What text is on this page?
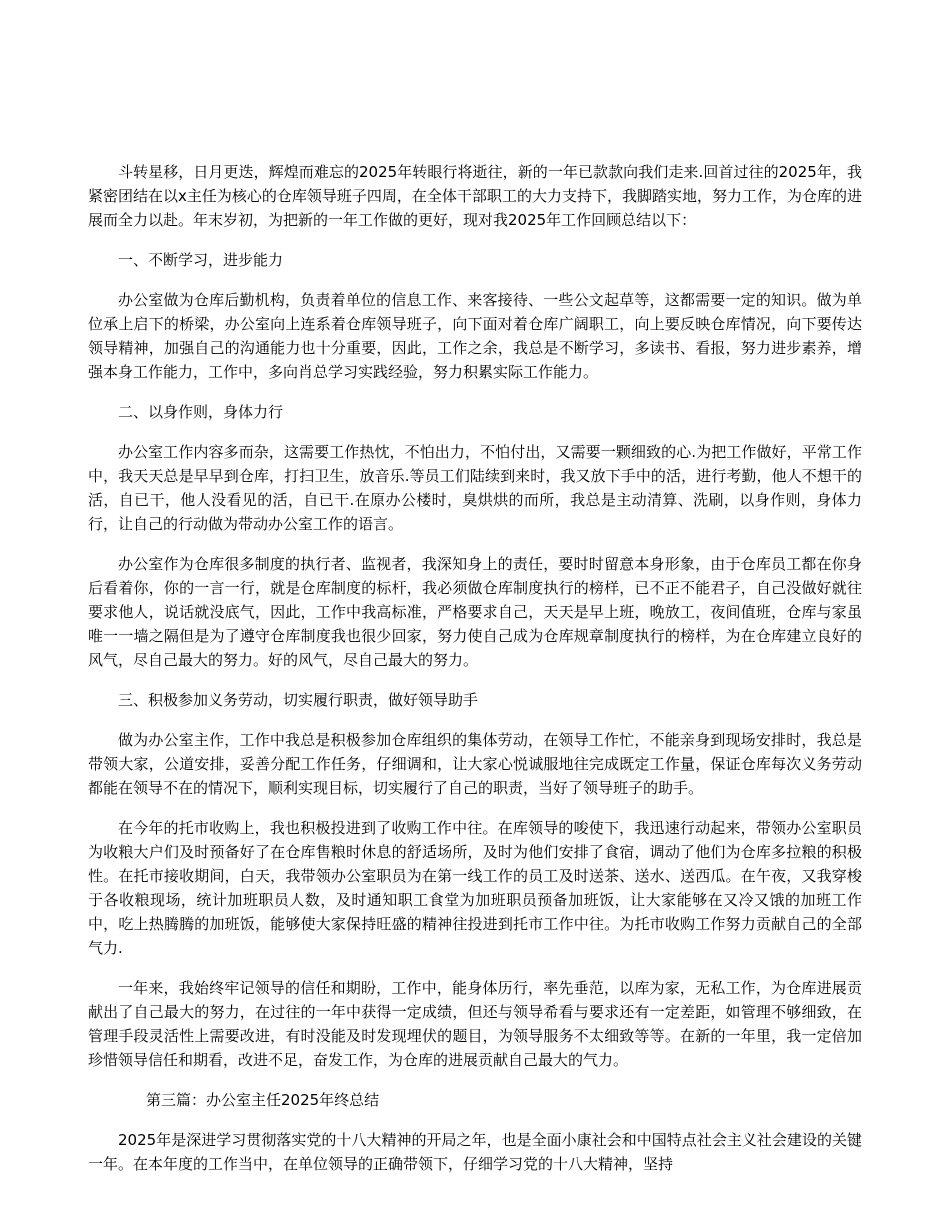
斗转星移，日月更迭，辉煌而难忘的2025年转眼行将逝往，新的一年已款款向我们走来.回首过往的2025年，我紧密团结在以x主任为核心的仓库领导班子四周，在全体干部职工的大力支持下，我脚踏实地，努力工作，为仓库的进展而全力以赴。年末岁初，为把新的一年工作做的更好，现对我2025年工作回顾总结以下：

一、不断学习，进步能力

办公室做为仓库后勤机构，负责着单位的信息工作、来客接待、一些公文起草等，这都需要一定的知识。做为单位承上启下的桥梁，办公室向上连系着仓库领导班子，向下面对着仓库广阔职工，向上要反映仓库情况，向下要传达领导精神，加强自己的沟通能力也十分重要，因此，工作之余，我总是不断学习，多读书、看报，努力进步素养，增强本身工作能力，工作中，多向肖总学习实践经验，努力积累实际工作能力。

二、以身作则，身体力行

办公室工作内容多而杂，这需要工作热忱，不怕出力，不怕付出，又需要一颗细致的心.为把工作做好，平常工作中，我天天总是早早到仓库，打扫卫生，放音乐.等员工们陆续到来时，我又放下手中的活，进行考勤，他人不想干的活，自已干，他人没看见的活，自已干.在原办公楼时，臭烘烘的而所，我总是主动清算、洗刷，以身作则，身体力行，让自己的行动做为带动办公室工作的语言。

办公室作为仓库很多制度的执行者、监视者，我深知身上的责任，要时时留意本身形象，由于仓库员工都在你身后看着你，你的一言一行，就是仓库制度的标杆，我必须做仓库制度执行的榜样，已不正不能君子，自己没做好就往要求他人，说话就没底气，因此，工作中我高标准，严格要求自己，天天是早上班，晚放工，夜间值班，仓库与家虽唯一一墙之隔但是为了遵守仓库制度我也很少回家，努力使自己成为仓库规章制度执行的榜样，为在仓库建立良好的风气，尽自己最大的努力。好的风气，尽自己最大的努力。

三、积极参加义务劳动，切实履行职责，做好领导助手

做为办公室主作，工作中我总是积极参加仓库组织的集体劳动，在领导工作忙，不能亲身到现场安排时，我总是带领大家，公道安排，妥善分配工作任务，仔细调和，让大家心悦诚服地往完成既定工作量，保证仓库每次义务劳动都能在领导不在的情况下，顺利实现目标，切实履行了自己的职责，当好了领导班子的助手。

在今年的托市收购上，我也积极投进到了收购工作中往。在库领导的唆使下，我迅速行动起来，带领办公室职员为收粮大户们及时预备好了在仓库售粮时休息的舒适场所，及时为他们安排了食宿，调动了他们为仓库多拉粮的积极性。在托市接收期间，白天，我带领办公室职员为在第一线工作的员工及时送茶、送水、送西瓜。在午夜，又我穿梭于各收粮现场，统计加班职员人数，及时通知职工食堂为加班职员预备加班饭，让大家能够在又冷又饿的加班工作中，吃上热腾腾的加班饭，能够使大家保持旺盛的精神往投进到托市工作中往。为托市收购工作努力贡献自己的全部气力.

一年来，我始终牢记领导的信任和期盼，工作中，能身体历行，率先垂范，以库为家，无私工作，为仓库进展贡献出了自己最大的努力，在过往的一年中获得一定成绩，但还与领导希看与要求还有一定差距，如管理不够细致，在管理手段灵活性上需要改进，有时没能及时发现埋伏的题目，为领导服务不太细致等等。在新的一年里，我一定倍加珍惜领导信任和期看，改进不足，奋发工作，为仓库的进展贡献自己最大的气力。

第三篇：办公室主任2025年终总结

2025年是深进学习贯彻落实党的十八大精神的开局之年，也是全面小康社会和中国特点社会主义社会建设的关键一年。在本年度的工作当中，在单位领导的正确带领下，仔细学习党的十八大精神，坚持
